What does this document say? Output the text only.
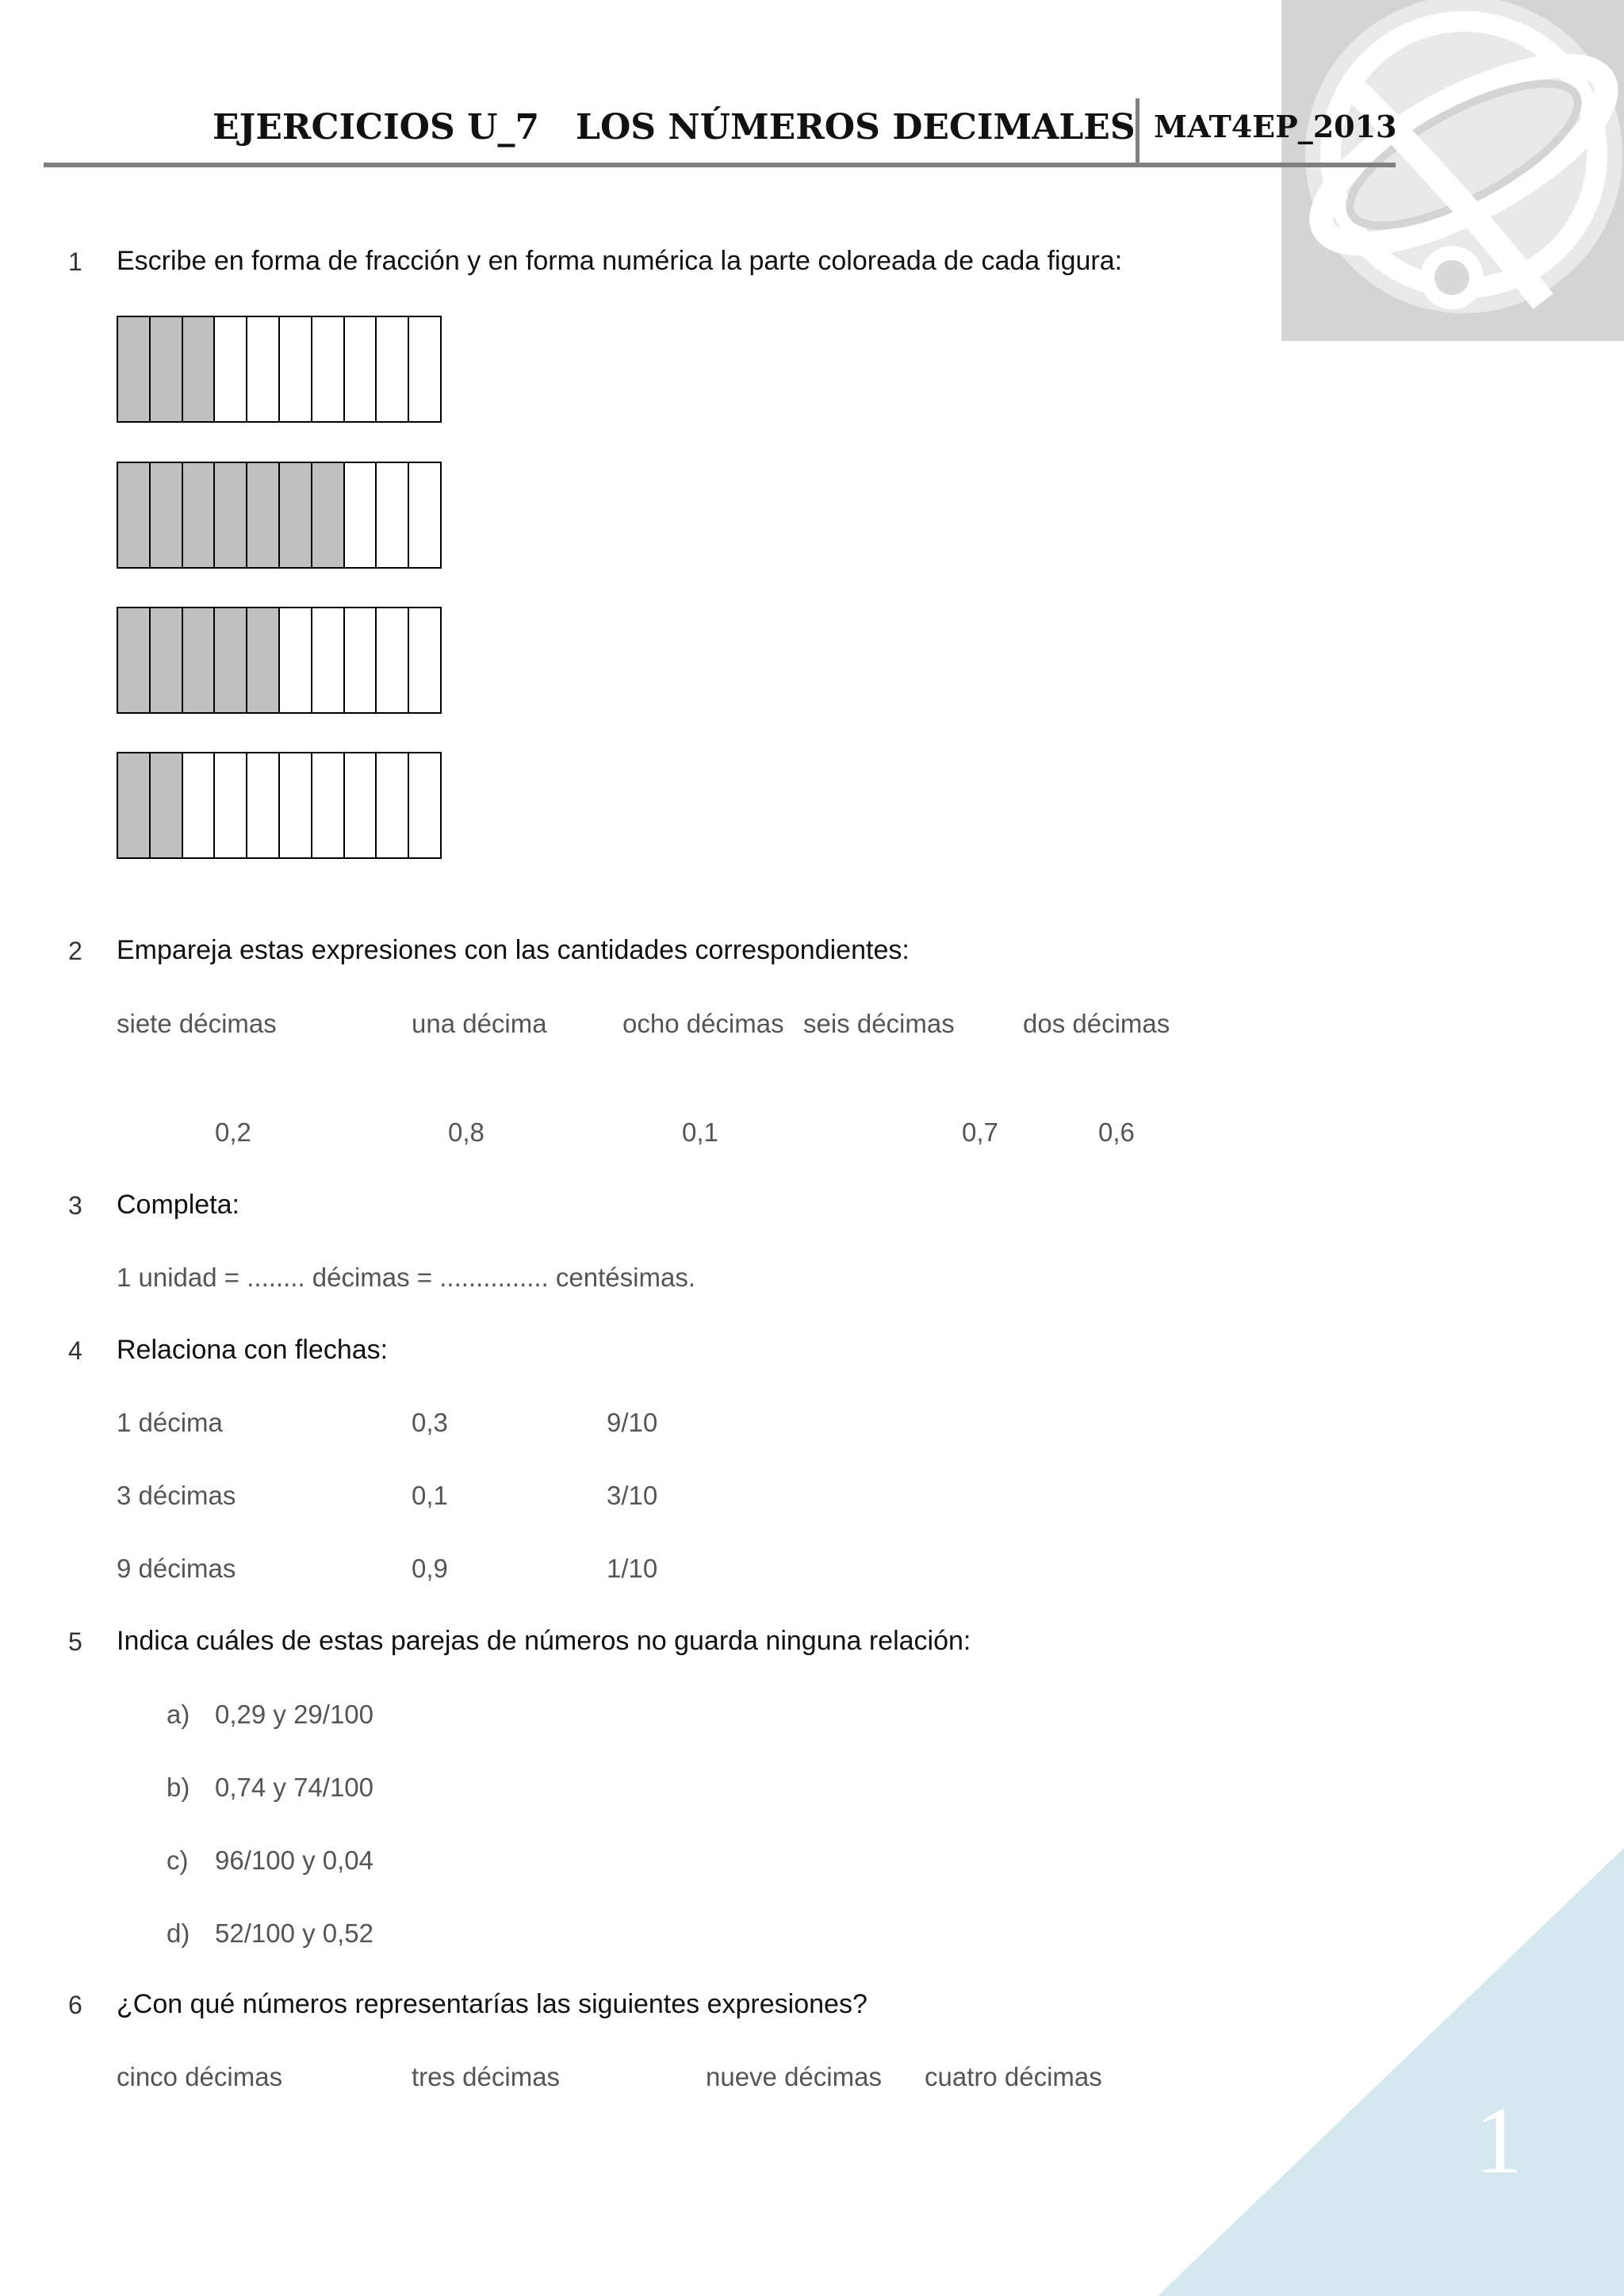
EJERCICIOS U_7   LOS NÚMEROS DECIMALES MAT4EP_2013
1 Escribe en forma de fracción y en forma numérica la parte coloreada de cada figura:
2 Empareja estas expresiones con las cantidades correspondientes:
siete décimas	una décima	ocho décimas seis décimas	dos décimas
0,2	0,8	0,1	0,7	0,6
3 Completa:
1 unidad = ........ décimas = ............... centésimas.
4 Relaciona con flechas:
1 décima	0,3	9/10
3 décimas	0,1	3/10
9 décimas	0,9	1/10
5 Indica cuáles de estas parejas de números no guarda ninguna relación:
a) 0,29 y 29/100
b) 0,74 y 74/100
c) 96/100 y 0,04
d) 52/100 y 0,52
6 ¿Con qué números representarías las siguientes expresiones?
cinco décimas	tres décimas	nueve décimas cuatro décimas
1
